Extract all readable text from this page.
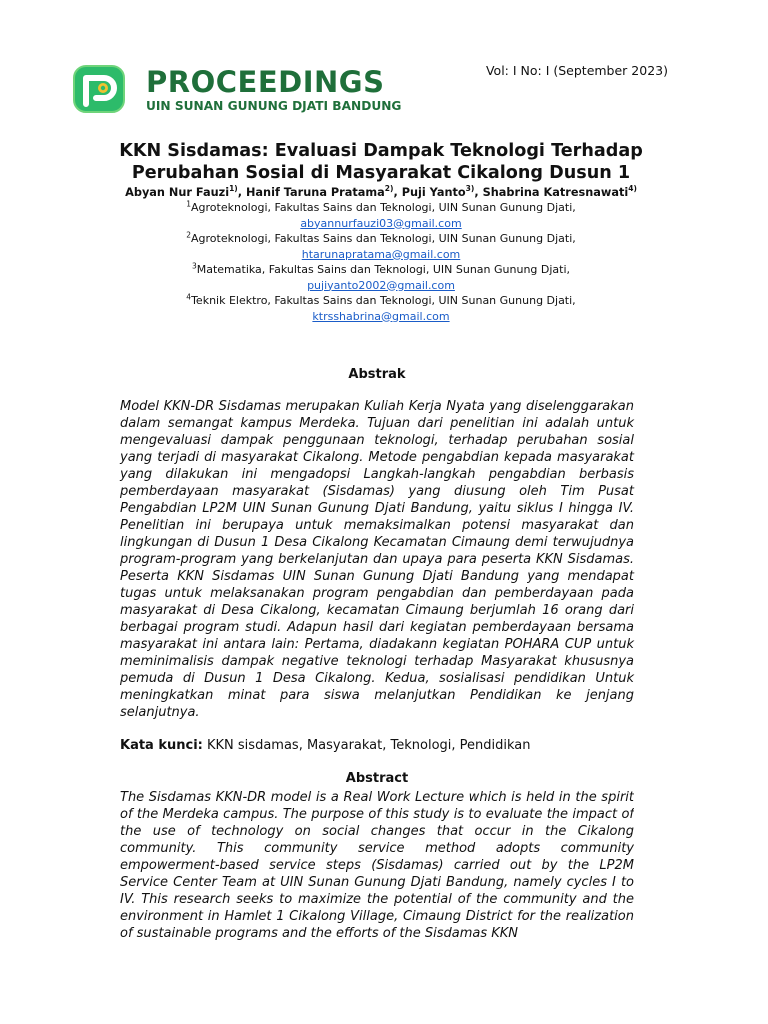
PROCEEDINGS
UIN SUNAN GUNUNG DJATI BANDUNG
Vol: I No: I (September 2023)
KKN Sisdamas: Evaluasi Dampak Teknologi Terhadap Perubahan Sosial di Masyarakat Cikalong Dusun 1
Abyan Nur Fauzi$^{1)}$, Hanif Taruna Pratama$^{2)}$, Puji Yanto$^{3)}$, Shabrina Katresnawati$^{4)}$
$^1$Agroteknologi, Fakultas Sains dan Teknologi, UIN Sunan Gunung Djati,
abyannurfauzi03@gmail.com
$^2$Agroteknologi, Fakultas Sains dan Teknologi, UIN Sunan Gunung Djati,
htarunapratama@gmail.com
$^3$Matematika, Fakultas Sains dan Teknologi, UIN Sunan Gunung Djati,
pujiyanto2002@gmail.com
$^4$Teknik Elektro, Fakultas Sains dan Teknologi, UIN Sunan Gunung Djati,
ktrsshabrina@gmail.com
Abstrak

Model KKN-DR Sisdamas merupakan Kuliah Kerja Nyata yang diselenggarakan dalam semangat kampus Merdeka. Tujuan dari penelitian ini adalah untuk mengevaluasi dampak penggunaan teknologi, terhadap perubahan sosial yang terjadi di masyarakat Cikalong. Metode pengabdian kepada masyarakat yang dilakukan ini mengadopsi Langkah-langkah pengabdian berbasis pemberdayaan masyarakat (Sisdamas) yang diusung oleh Tim Pusat Pengabdian LP2M UIN Sunan Gunung Djati Bandung, yaitu siklus I hingga IV. Penelitian ini berupaya untuk memaksimalkan potensi masyarakat dan lingkungan di Dusun 1 Desa Cikalong Kecamatan Cimaung demi terwujudnya program-program yang berkelanjutan dan upaya para peserta KKN Sisdamas. Peserta KKN Sisdamas UIN Sunan Gunung Djati Bandung yang mendapat tugas untuk melaksanakan program pengabdian dan pemberdayaan pada masyarakat di Desa Cikalong, kecamatan Cimaung berjumlah 16 orang dari berbagai program studi. Adapun hasil dari kegiatan pemberdayaan bersama masyarakat ini antara lain: Pertama, diadakann kegiatan POHARA CUP untuk meminimalisis dampak negative teknologi terhadap Masyarakat khususnya pemuda di Dusun 1 Desa Cikalong. Kedua, sosialisasi pendidikan Untuk meningkatkan minat para siswa melanjutkan Pendidikan ke jenjang selanjutnya.

Kata kunci: KKN sisdamas, Masyarakat, Teknologi, Pendidikan
Abstract

The Sisdamas KKN-DR model is a Real Work Lecture which is held in the spirit of the Merdeka campus. The purpose of this study is to evaluate the impact of the use of technology on social changes that occur in the Cikalong community. This community service method adopts community empowerment-based service steps (Sisdamas) carried out by the LP2M Service Center Team at UIN Sunan Gunung Djati Bandung, namely cycles I to IV. This research seeks to maximize the potential of the community and the environment in Hamlet 1 Cikalong Village, Cimaung District for the realization of sustainable programs and the efforts of the Sisdamas KKN
